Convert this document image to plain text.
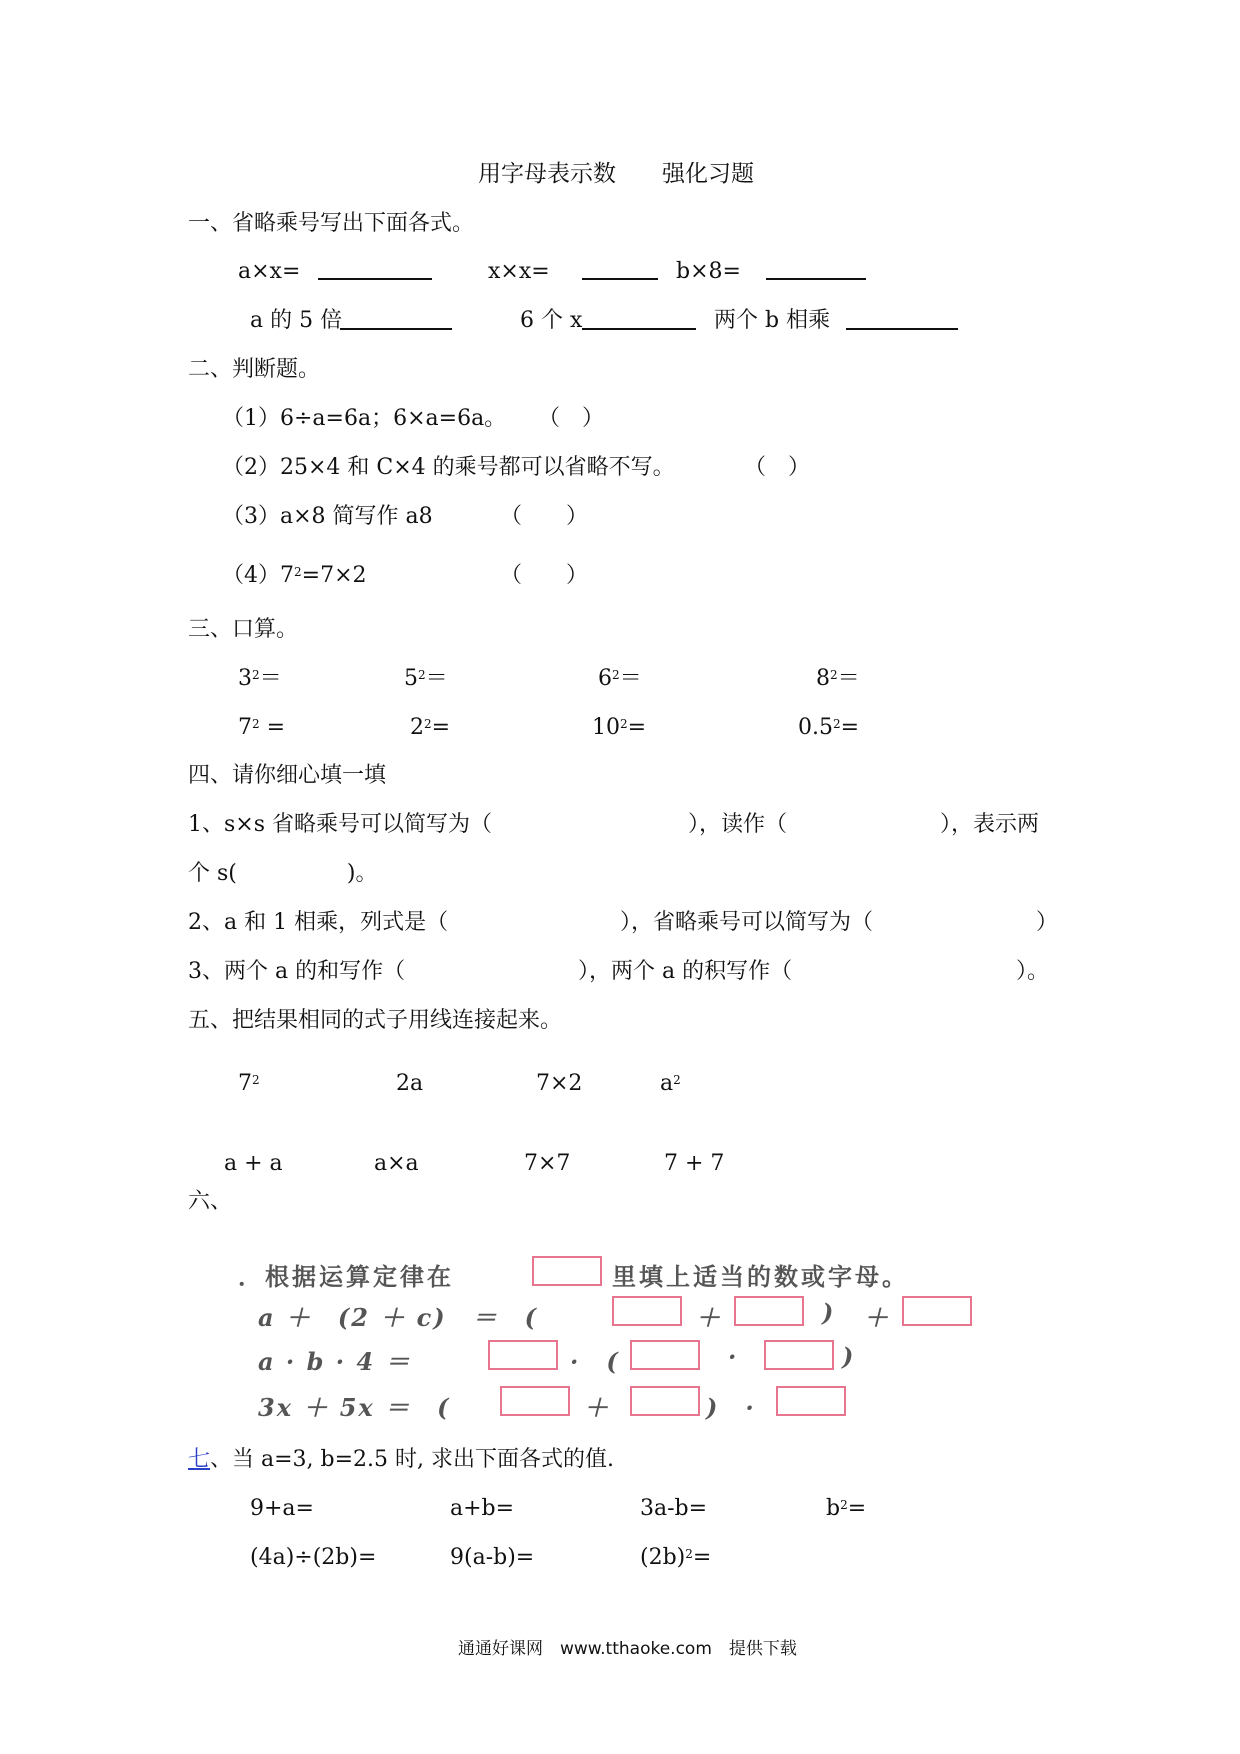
用字母表示数　　强化习题
一、省略乘号写出下面各式。
a×x=	x×x=	b×8=
a 的 5 倍	6 个 x	两个 b 相乘
二、判断题。
（1）6÷a=6a；6×a=6a。 （　）
（2）25×4 和 C×4 的乘号都可以省略不写。	（　）
（3）a×8 简写作 a8	（　　）
$(4)7^2=7\times 2$	（　　）
三、口算。
$3^2=$	$5^2=$	$6^2=$	$8^2=$
$7^2$ =	$2^2=$	$10^2=$	$0.5^2=$
四、请你细心填一填
1、s×s 省略乘号可以简写为（	），读作（	），表示两
个 s(　　　　　)。
2、a 和 1 相乘，列式是（	），省略乘号可以简写为（	）
3、两个 a 的和写作（	），两个 a 的积写作（	）。
五、把结果相同的式子用线连接起来。
$7^2$	2a	7×2	$a^2$
a + a	a×a	7×7	7 + 7
六、
．根据运算定律在	里填上适当的数或字母。
a ＋　(2 ＋ c)　＝　(	＋	) ＋
a · b · 4 ＝	·　(	·	)
3x ＋ 5x ＝　(	＋	)　·
七、当 a=3, b=2.5 时, 求出下面各式的值.
9+a=	a+b=	3a-b=	$b^2=$
(4a)÷(2b)=	9(a-b)=	$(2b)^2=$
通通好课网　www.tthaoke.com　提供下载
